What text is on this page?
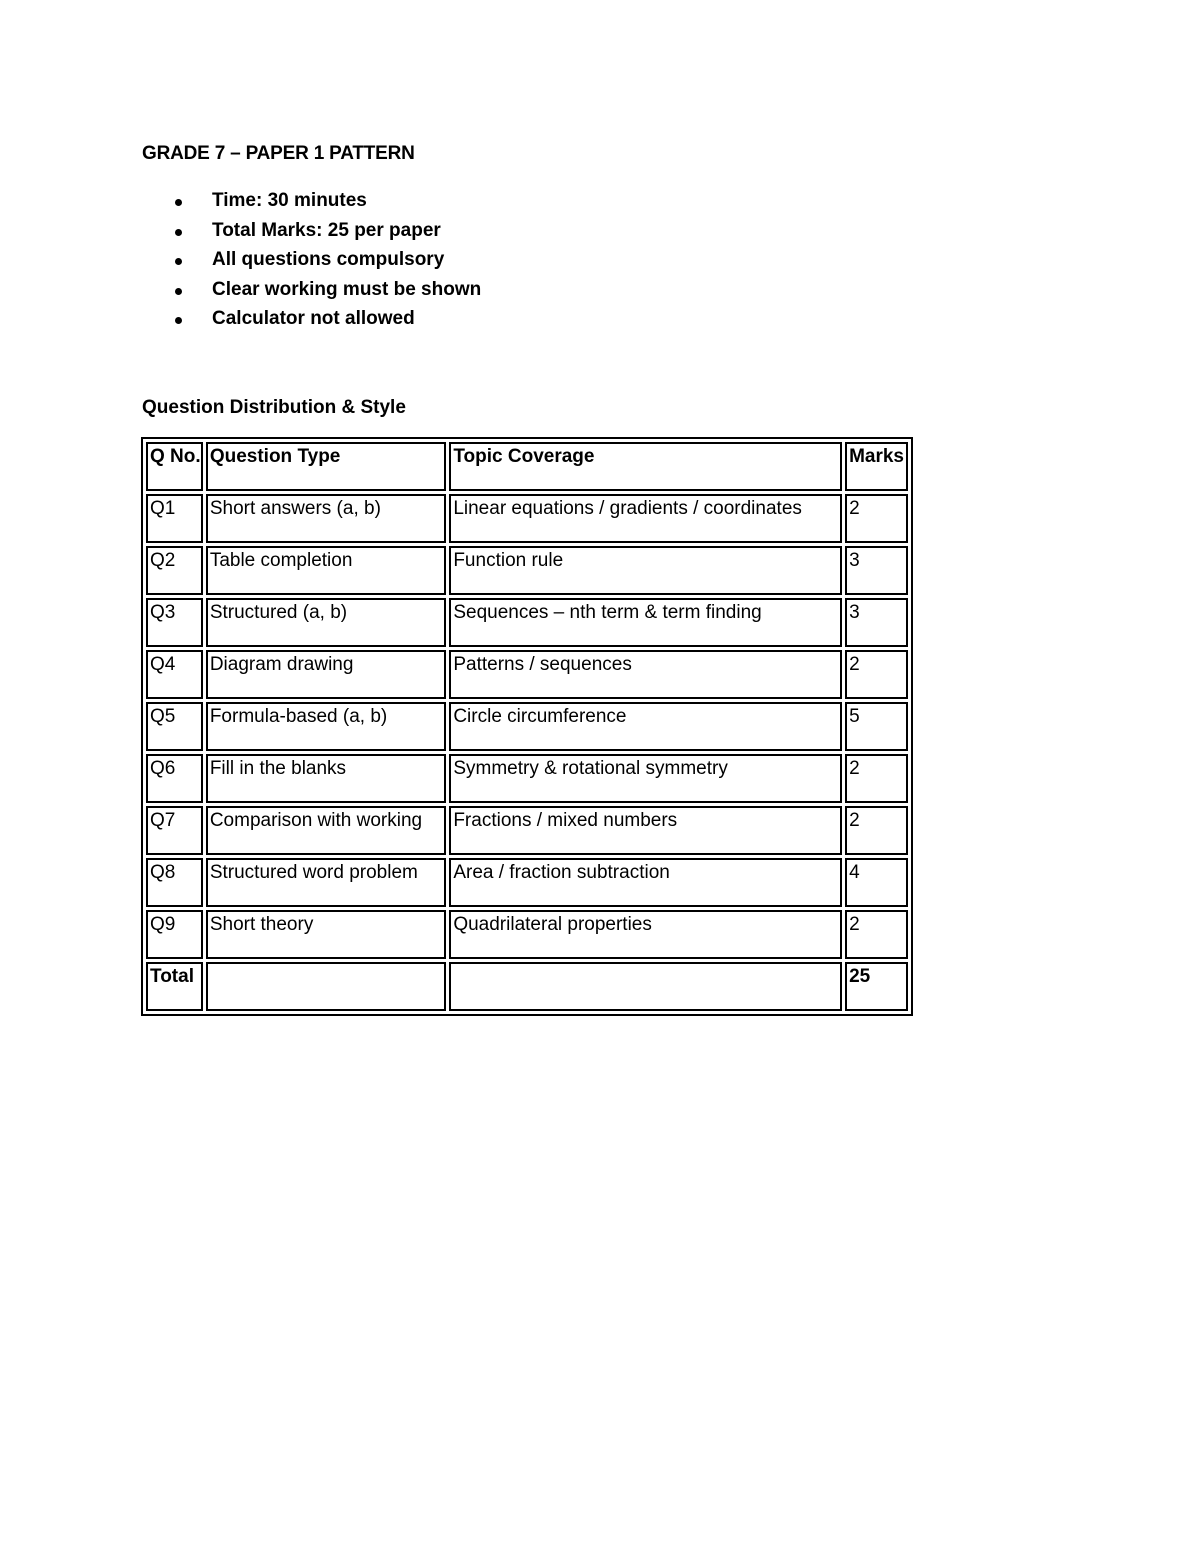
GRADE 7 – PAPER 1 PATTERN
Time: 30 minutes
Total Marks: 25 per paper
All questions compulsory
Clear working must be shown
Calculator not allowed
Question Distribution & Style
Q No.	Question Type	Topic Coverage	Marks
Q1	Short answers (a, b)	Linear equations / gradients / coordinates	2
Q2	Table completion	Function rule	3
Q3	Structured (a, b)	Sequences – nth term & term finding	3
Q4	Diagram drawing	Patterns / sequences	2
Q5	Formula-based (a, b)	Circle circumference	5
Q6	Fill in the blanks	Symmetry & rotational symmetry	2
Q7	Comparison with working	Fractions / mixed numbers	2
Q8	Structured word problem	Area / fraction subtraction	4
Q9	Short theory	Quadrilateral properties	2
Total			25
